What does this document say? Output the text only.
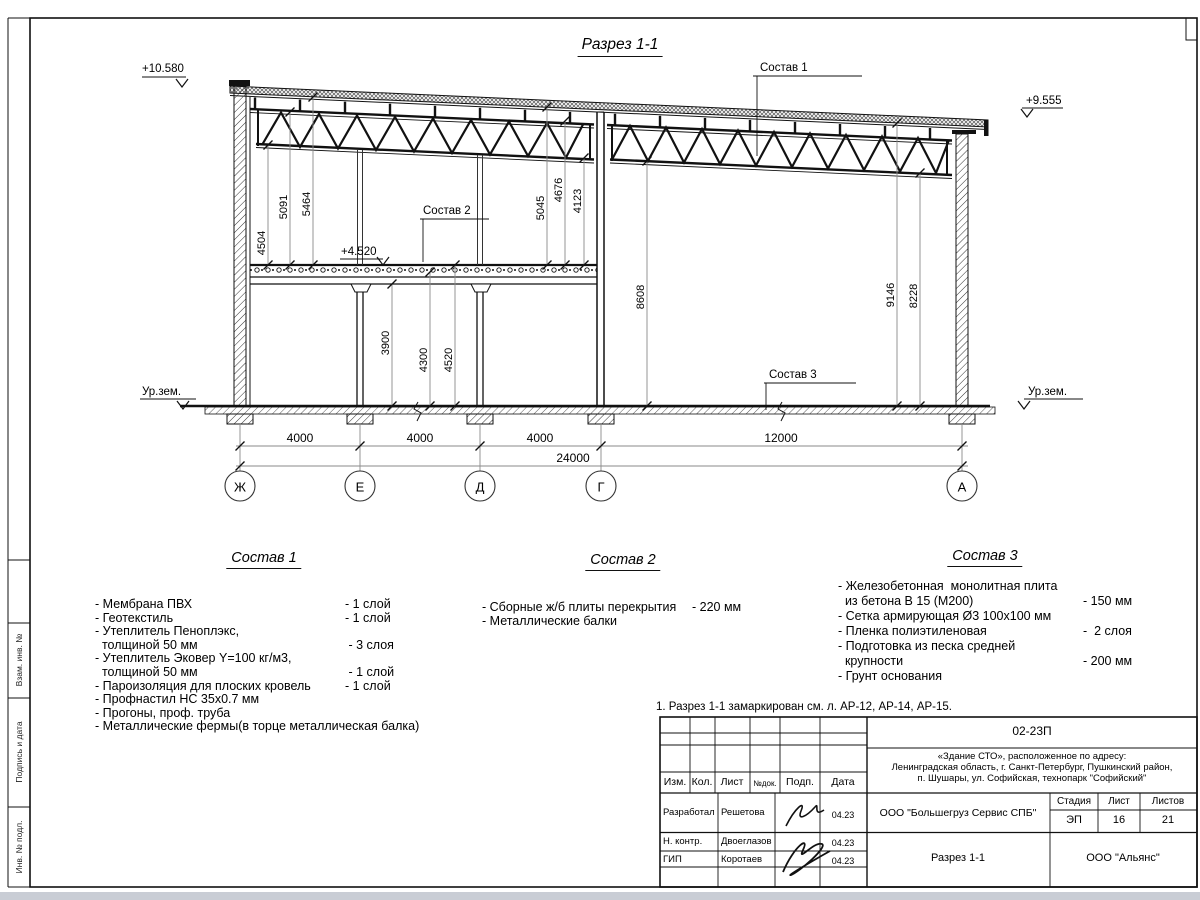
Разрез 1-1
+10.580
+4.520
+9.555
Ур.зем.	Ур.зем.
Состав 1
Состав 2
Состав 3
4504
5091 5464	5045
4676 4123
3900
4300 4520
8608	9146 8228
4000	4000	4000	12000
24000
Ж	Е	Д	Г	А
Состав 1	Состав 2	Состав 3
- Мембрана ПВХ	- 1 слой
- Геотекстиль	- 1 слой
- Утеплитель Пеноплэкс,
толщиной 50 мм	- 3 слоя
- Утеплитель Эковер Y=100 кг/м3,
толщиной 50 мм	- 1 слой
- Пароизоляция для плоских кровель	- 1 слой
- Профнастил НС 35x0.7 мм
- Прогоны, проф. труба
- Металлические фермы(в торце металлическая балка)
- Сборные ж/б плиты перекрытия - 220 мм
- Металлические балки
- Железобетонная  монолитная плита
из бетона В 15 (М200)	- 150 мм
- Сетка армирующая Ø3 100x100 мм
- Пленка полиэтиленовая	-  2 слоя
- Подготовка из песка средней
крупности	- 200 мм
- Грунт основания
1. Разрез 1-1 замаркирован см. л. АР-12, АР-14, АР-15.
02-23П
«Здание СТО», расположенное по адресу:
Ленинградская область, г. Санкт-Петербург, Пушкинский район,
п. Шушары, ул. Софийская, технопарк "Софийский"
Изм. Кол. Лист №док. Подп. Дата
Разработал Решетова	04.23
Н. контр. Двоеглазов	04.23
ГИП	Коротаев	04.23
ООО "Большегруз Сервис СПБ"
Стадия Лист Листов
ЭП	16	21
Разрез 1-1	ООО "Альянс"
Взам. инв. №
Подпись и дата
Инв. № подл.
